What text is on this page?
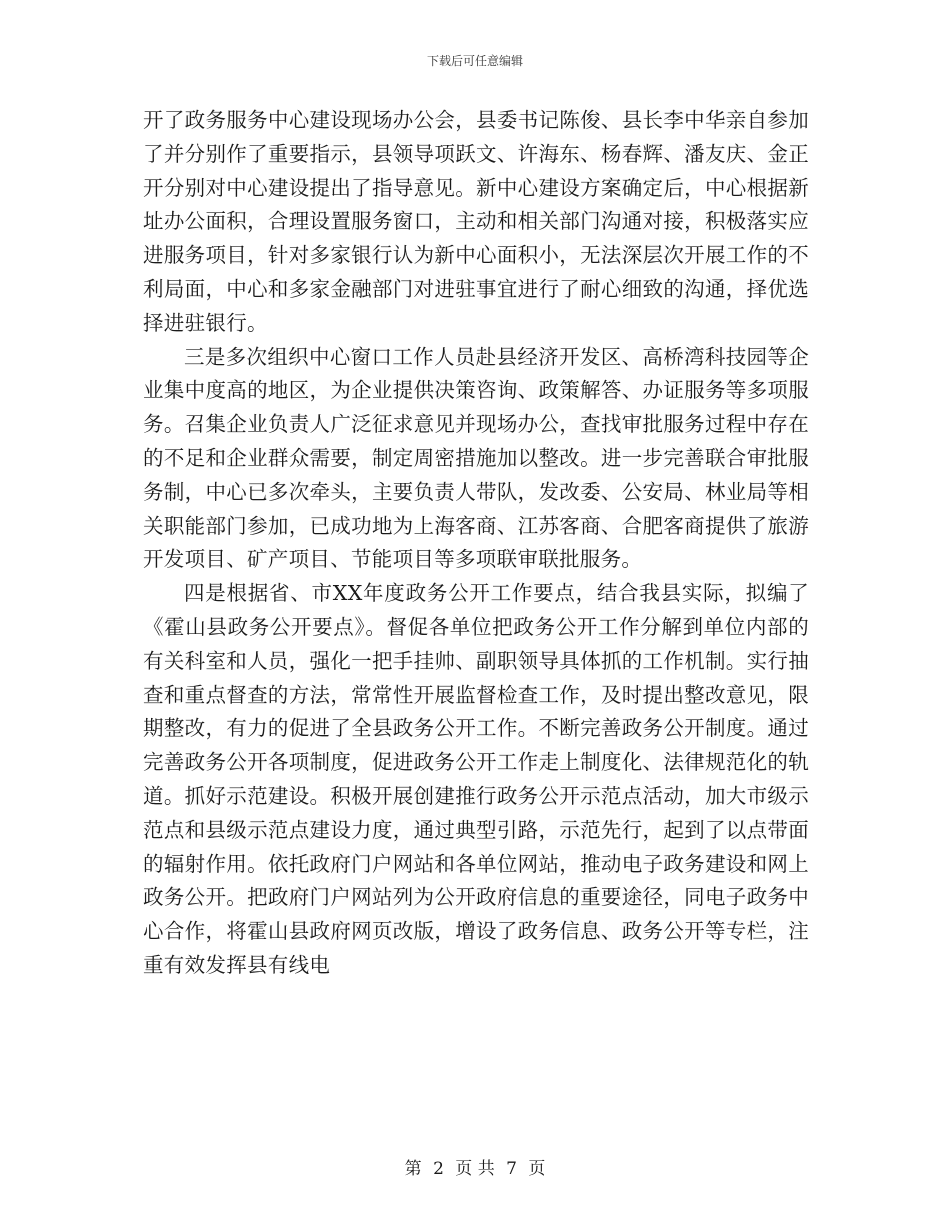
下载后可任意编辑

开了政务服务中心建设现场办公会，县委书记陈俊、县长李中华亲自参加了并分别作了重要指示，县领导项跃文、许海东、杨春辉、潘友庆、金正开分别对中心建设提出了指导意见。新中心建设方案确定后，中心根据新址办公面积，合理设置服务窗口，主动和相关部门沟通对接，积极落实应进服务项目，针对多家银行认为新中心面积小，无法深层次开展工作的不利局面，中心和多家金融部门对进驻事宜进行了耐心细致的沟通，择优选择进驻银行。

三是多次组织中心窗口工作人员赴县经济开发区、高桥湾科技园等企业集中度高的地区，为企业提供决策咨询、政策解答、办证服务等多项服务。召集企业负责人广泛征求意见并现场办公，查找审批服务过程中存在的不足和企业群众需要，制定周密措施加以整改。进一步完善联合审批服务制，中心已多次牵头，主要负责人带队，发改委、公安局、林业局等相关职能部门参加，已成功地为上海客商、江苏客商、合肥客商提供了旅游开发项目、矿产项目、节能项目等多项联审联批服务。

四是根据省、市XX年度政务公开工作要点，结合我县实际，拟编了《霍山县政务公开要点》。督促各单位把政务公开工作分解到单位内部的有关科室和人员，强化一把手挂帅、副职领导具体抓的工作机制。实行抽查和重点督查的方法，常常性开展监督检查工作，及时提出整改意见，限期整改，有力的促进了全县政务公开工作。不断完善政务公开制度。通过完善政务公开各项制度，促进政务公开工作走上制度化、法律规范化的轨道。抓好示范建设。积极开展创建推行政务公开示范点活动，加大市级示范点和县级示范点建设力度，通过典型引路，示范先行，起到了以点带面的辐射作用。依托政府门户网站和各单位网站，推动电子政务建设和网上政务公开。把政府门户网站列为公开政府信息的重要途径，同电子政务中心合作，将霍山县政府网页改版，增设了政务信息、政务公开等专栏，注重有效发挥县有线电

第 2 页 共 7 页
